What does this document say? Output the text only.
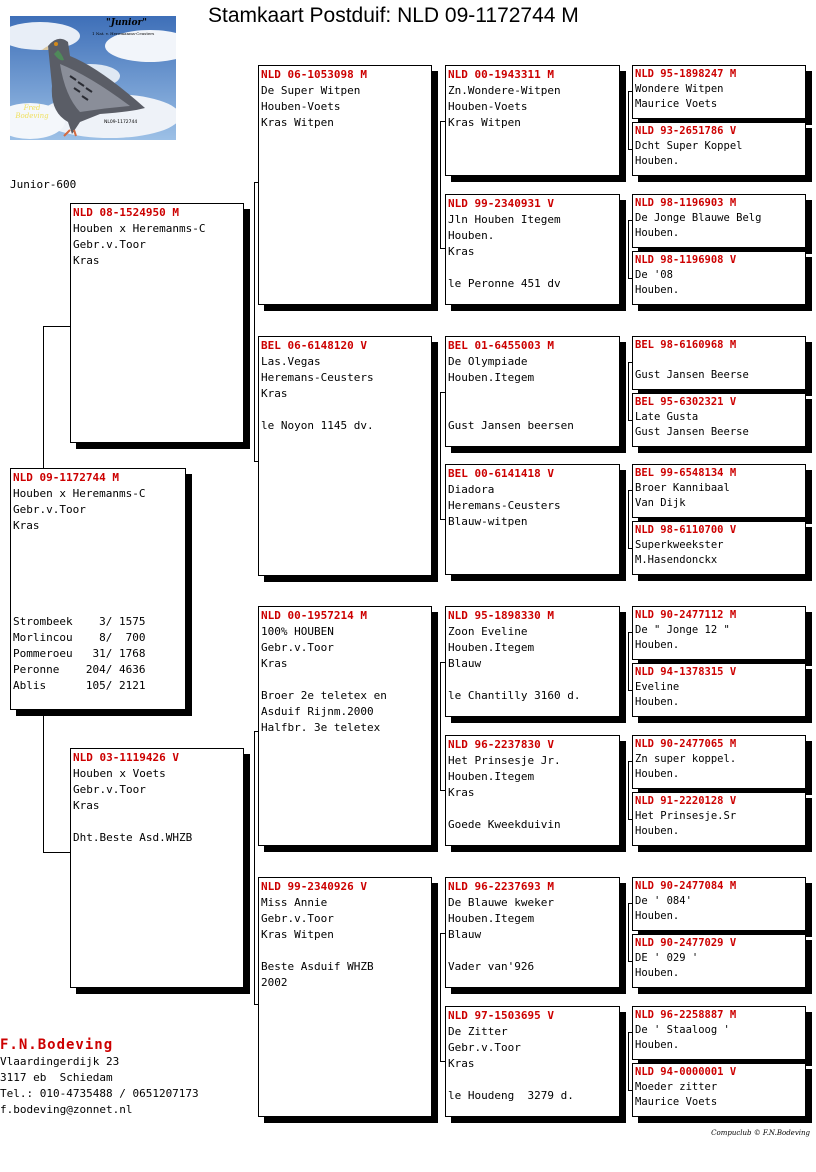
Stamkaart Postduif: NLD 09-1172744 M
"Junior"
1 Nat. v. Heremanms-Ceusters
Fred Bodeving
NL09-1172744
Junior-600
NLD 09-1172744 M
Houben x Heremanms-C
Gebr.v.Toor
Kras
Strombeek    3/ 1575
Morlincou    8/  700
Pommeroeu   31/ 1768
Peronne    204/ 4636
Ablis      105/ 2121
NLD 08-1524950 M
Houben x Heremanms-C
Gebr.v.Toor
Kras
NLD 03-1119426 V
Houben x Voets
Gebr.v.Toor
Kras
Dht.Beste Asd.WHZB
NLD 06-1053098 M
De Super Witpen
Houben-Voets
Kras Witpen
BEL 06-6148120 V
Las.Vegas
Heremans-Ceusters
Kras
le Noyon 1145 dv.
NLD 00-1957214 M
100% HOUBEN
Gebr.v.Toor
Kras
Broer 2e teletex en
Asduif Rijnm.2000
Halfbr. 3e teletex
NLD 99-2340926 V
Miss Annie
Gebr.v.Toor
Kras Witpen
Beste Asduif WHZB
2002
NLD 00-1943311 M
Zn.Wondere-Witpen
Houben-Voets
Kras Witpen
NLD 99-2340931 V
Jln Houben Itegem
Houben.
Kras
le Peronne 451 dv
BEL 01-6455003 M
De Olympiade
Houben.Itegem
Gust Jansen beersen
BEL 00-6141418 V
Diadora
Heremans-Ceusters
Blauw-witpen
NLD 95-1898330 M
Zoon Eveline
Houben.Itegem
Blauw
le Chantilly 3160 d.
NLD 96-2237830 V
Het Prinsesje Jr.
Houben.Itegem
Kras
Goede Kweekduivin
NLD 96-2237693 M
De Blauwe kweker
Houben.Itegem
Blauw
Vader van'926
NLD 97-1503695 V
De Zitter
Gebr.v.Toor
Kras
le Houdeng  3279 d.
NLD 95-1898247 M
Wondere Witpen
Maurice Voets
NLD 93-2651786 V
Dcht Super Koppel
Houben.
NLD 98-1196903 M
De Jonge Blauwe Belg
Houben.
NLD 98-1196908 V
De '08
Houben.
BEL 98-6160968 M
Gust Jansen Beerse
BEL 95-6302321 V
Late Gusta
Gust Jansen Beerse
BEL 99-6548134 M
Broer Kannibaal
Van Dijk
NLD 98-6110700 V
Superkweekster
M.Hasendonckx
NLD 90-2477112 M
De " Jonge 12 "
Houben.
NLD 94-1378315 V
Eveline
Houben.
NLD 90-2477065 M
Zn super koppel.
Houben.
NLD 91-2220128 V
Het Prinsesje.Sr
Houben.
NLD 90-2477084 M
De ' 084'
Houben.
NLD 90-2477029 V
DE ' 029 '
Houben.
NLD 96-2258887 M
De ' Staaloog '
Houben.
NLD 94-0000001 V
Moeder zitter
Maurice Voets
F.N.Bodeving
Vlaardingerdijk 23
3117 eb  Schiedam
Tel.: 010-4735488 / 0651207173
f.bodeving@zonnet.nl
Compuclub © F.N.Bodeving
